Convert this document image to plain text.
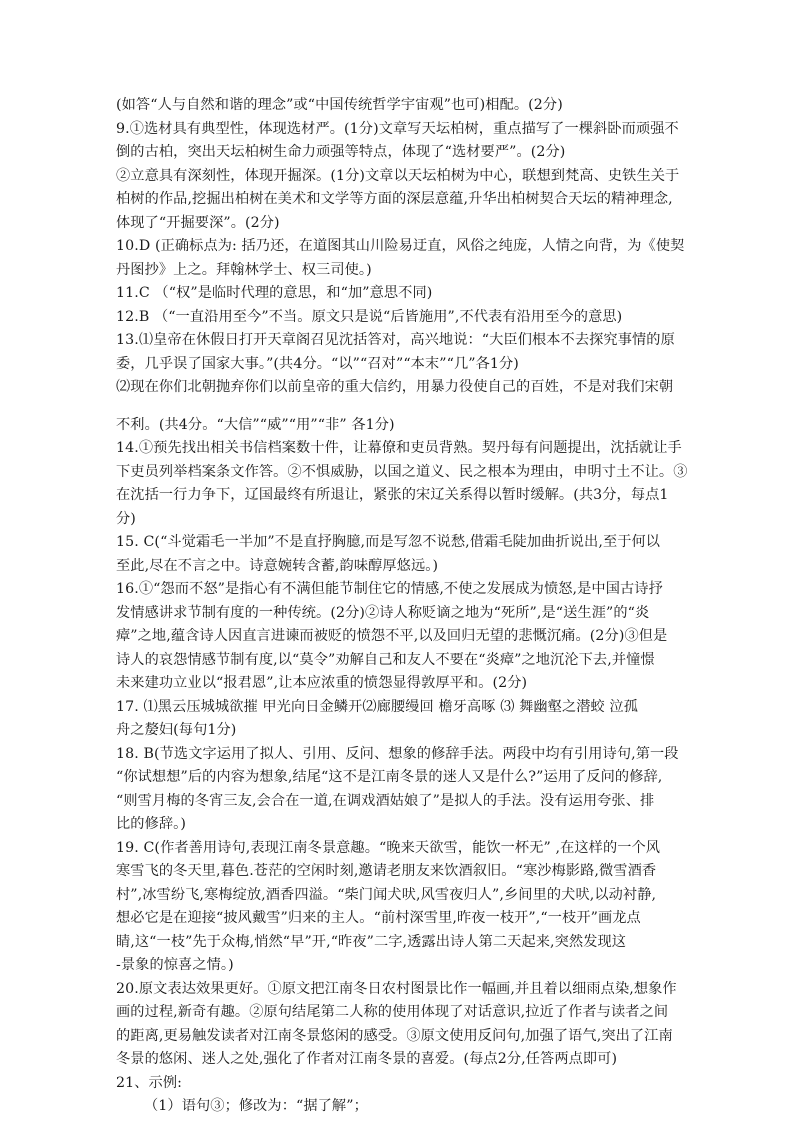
(如答“人与自然和谐的理念”或“中国传统哲学宇宙观”也可)相配。(2分)
9.①选材具有典型性，体现选材严。(1分)文章写天坛柏树，重点描写了一棵斜卧而顽强不
倒的古柏，突出天坛柏树生命力顽强等特点，体现了“选材要严”。(2分)
②立意具有深刻性，体现开掘深。(1分)文章以天坛柏树为中心，联想到梵高、史铁生关于
柏树的作品,挖掘出柏树在美术和文学等方面的深层意蕴,升华出柏树契合天坛的精神理念,
体现了“开掘要深”。(2分)
10.D (正确标点为: 括乃还，在道图其山川险易迂直，风俗之纯庞，人情之向背，为《使契
丹图抄》上之。拜翰林学士、权三司使。)
11.C （“权”是临时代理的意思，和“加”意思不同)
12.B （“一直沿用至今”不当。原文只是说“后皆施用”,不代表有沿用至今的意思)
13.⑴皇帝在休假日打开天章阁召见沈括答对，高兴地说：“大臣们根本不去探究事情的原
委，几乎误了国家大事。”(共4分。“以”“召对”“本末”“几”各1分)
⑵现在你们北朝抛弃你们以前皇帝的重大信约，用暴力役使自己的百姓，不是对我们宋朝
不利。(共4分。“大信”“威”“用”“非” 各1分)
14.①预先找出相关书信档案数十件，让幕僚和吏员背熟。契丹每有问题提出，沈括就让手
下吏员列举档案条文作答。②不惧威胁，以国之道义、民之根本为理由，申明寸土不让。③
在沈括一行力争下，辽国最终有所退让，紧张的宋辽关系得以暂时缓解。(共3分，每点1
分)
15. C(“斗觉霜毛一半加”不是直抒胸臆,而是写忽不说愁,借霜毛陡加曲折说出,至于何以
至此,尽在不言之中。诗意婉转含蓄,韵味醇厚悠远。)
16.①“怨而不怒”是指心有不满但能节制住它的情感,不使之发展成为愤怒,是中国古诗抒
发情感讲求节制有度的一种传统。(2分)②诗人称贬谪之地为“死所”,是“送生涯”的“炎
瘴”之地,蕴含诗人因直言进谏而被贬的愤怨不平,以及回归无望的悲慨沉痛。(2分)③但是
诗人的哀怨情感节制有度,以“莫令”劝解自己和友人不要在“炎瘴”之地沉沦下去,并憧憬
未来建功立业以“报君恩”,让本应浓重的愤怨显得敦厚平和。(2分)
17. ⑴黑云压城城欲摧 甲光向日金鳞开⑵廊腰缦回 檐牙高啄 ⑶ 舞幽壑之潜蛟 泣孤
舟之嫠妇(每句1分)
18. B(节选文字运用了拟人、引用、反问、想象的修辞手法。两段中均有引用诗句,第一段
“你试想想”后的内容为想象,结尾“这不是江南冬景的迷人又是什么?”运用了反问的修辞,
“则雪月梅的冬宵三友,会合在一道,在调戏酒姑娘了”是拟人的手法。没有运用夸张、排
比的修辞。)
19. C(作者善用诗句,表现江南冬景意趣。“晚来天欲雪，能饮一杯无” ,在这样的一个风
寒雪飞的冬天里,暮色.苍茫的空闲时刻,邀请老朋友来饮酒叙旧。“寒沙梅影路,微雪酒香
村”,冰雪纷飞,寒梅绽放,酒香四溢。“柴门闻犬吠,风雪夜归人”,乡间里的犬吠,以动衬静,
想必它是在迎接“披风戴雪”归来的主人。“前村深雪里,昨夜一枝开”,“一枝开”画龙点
睛,这“一枝”先于众梅,悄然“早”开,“昨夜”二字,透露出诗人第二天起来,突然发现这
-景象的惊喜之情。)
20.原文表达效果更好。①原文把江南冬日农村图景比作一幅画,并且着以细雨点染,想象作
画的过程,新奇有趣。②原句结尾第二人称的使用体现了对话意识,拉近了作者与读者之间
的距离,更易触发读者对江南冬景悠闲的感受。③原文使用反问句,加强了语气,突出了江南
冬景的悠闲、迷人之处,强化了作者对江南冬景的喜爱。(每点2分,任答两点即可)
21、示例:
（1）语句③；修改为：“据了解”；
